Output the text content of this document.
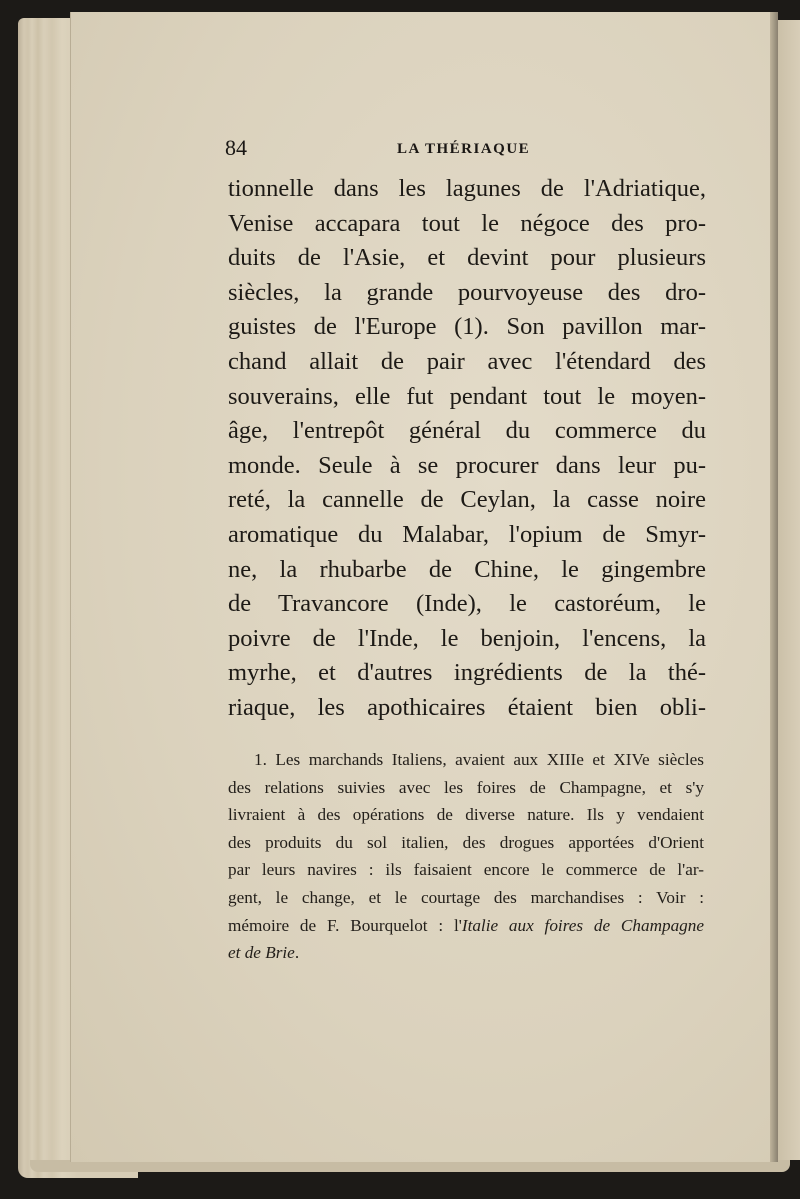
84	LA THÉRIAQUE
tionnelle dans les lagunes de l'Adriatique,
Venise accapara tout le négoce des pro-
duits de l'Asie, et devint pour plusieurs
siècles, la grande pourvoyeuse des dro-
guistes de l'Europe (1). Son pavillon mar-
chand allait de pair avec l'étendard des
souverains, elle fut pendant tout le moyen-
âge, l'entrepôt général du commerce du
monde. Seule à se procurer dans leur pu-
reté, la cannelle de Ceylan, la casse noire
aromatique du Malabar, l'opium de Smyr-
ne, la rhubarbe de Chine, le gingembre
de Travancore (Inde), le castoréum, le
poivre de l'Inde, le benjoin, l'encens, la
myrhe, et d'autres ingrédients de la thé-
riaque, les apothicaires étaient bien obli-
1. Les marchands Italiens, avaient aux XIIIe et XIVe siècles
des relations suivies avec les foires de Champagne, et s'y
livraient à des opérations de diverse nature. Ils y vendaient
des produits du sol italien, des drogues apportées d'Orient
par leurs navires : ils faisaient encore le commerce de l'ar-
gent, le change, et le courtage des marchandises : Voir :
mémoire de F. Bourquelot : l'Italie aux foires de Champagne
et de Brie.
